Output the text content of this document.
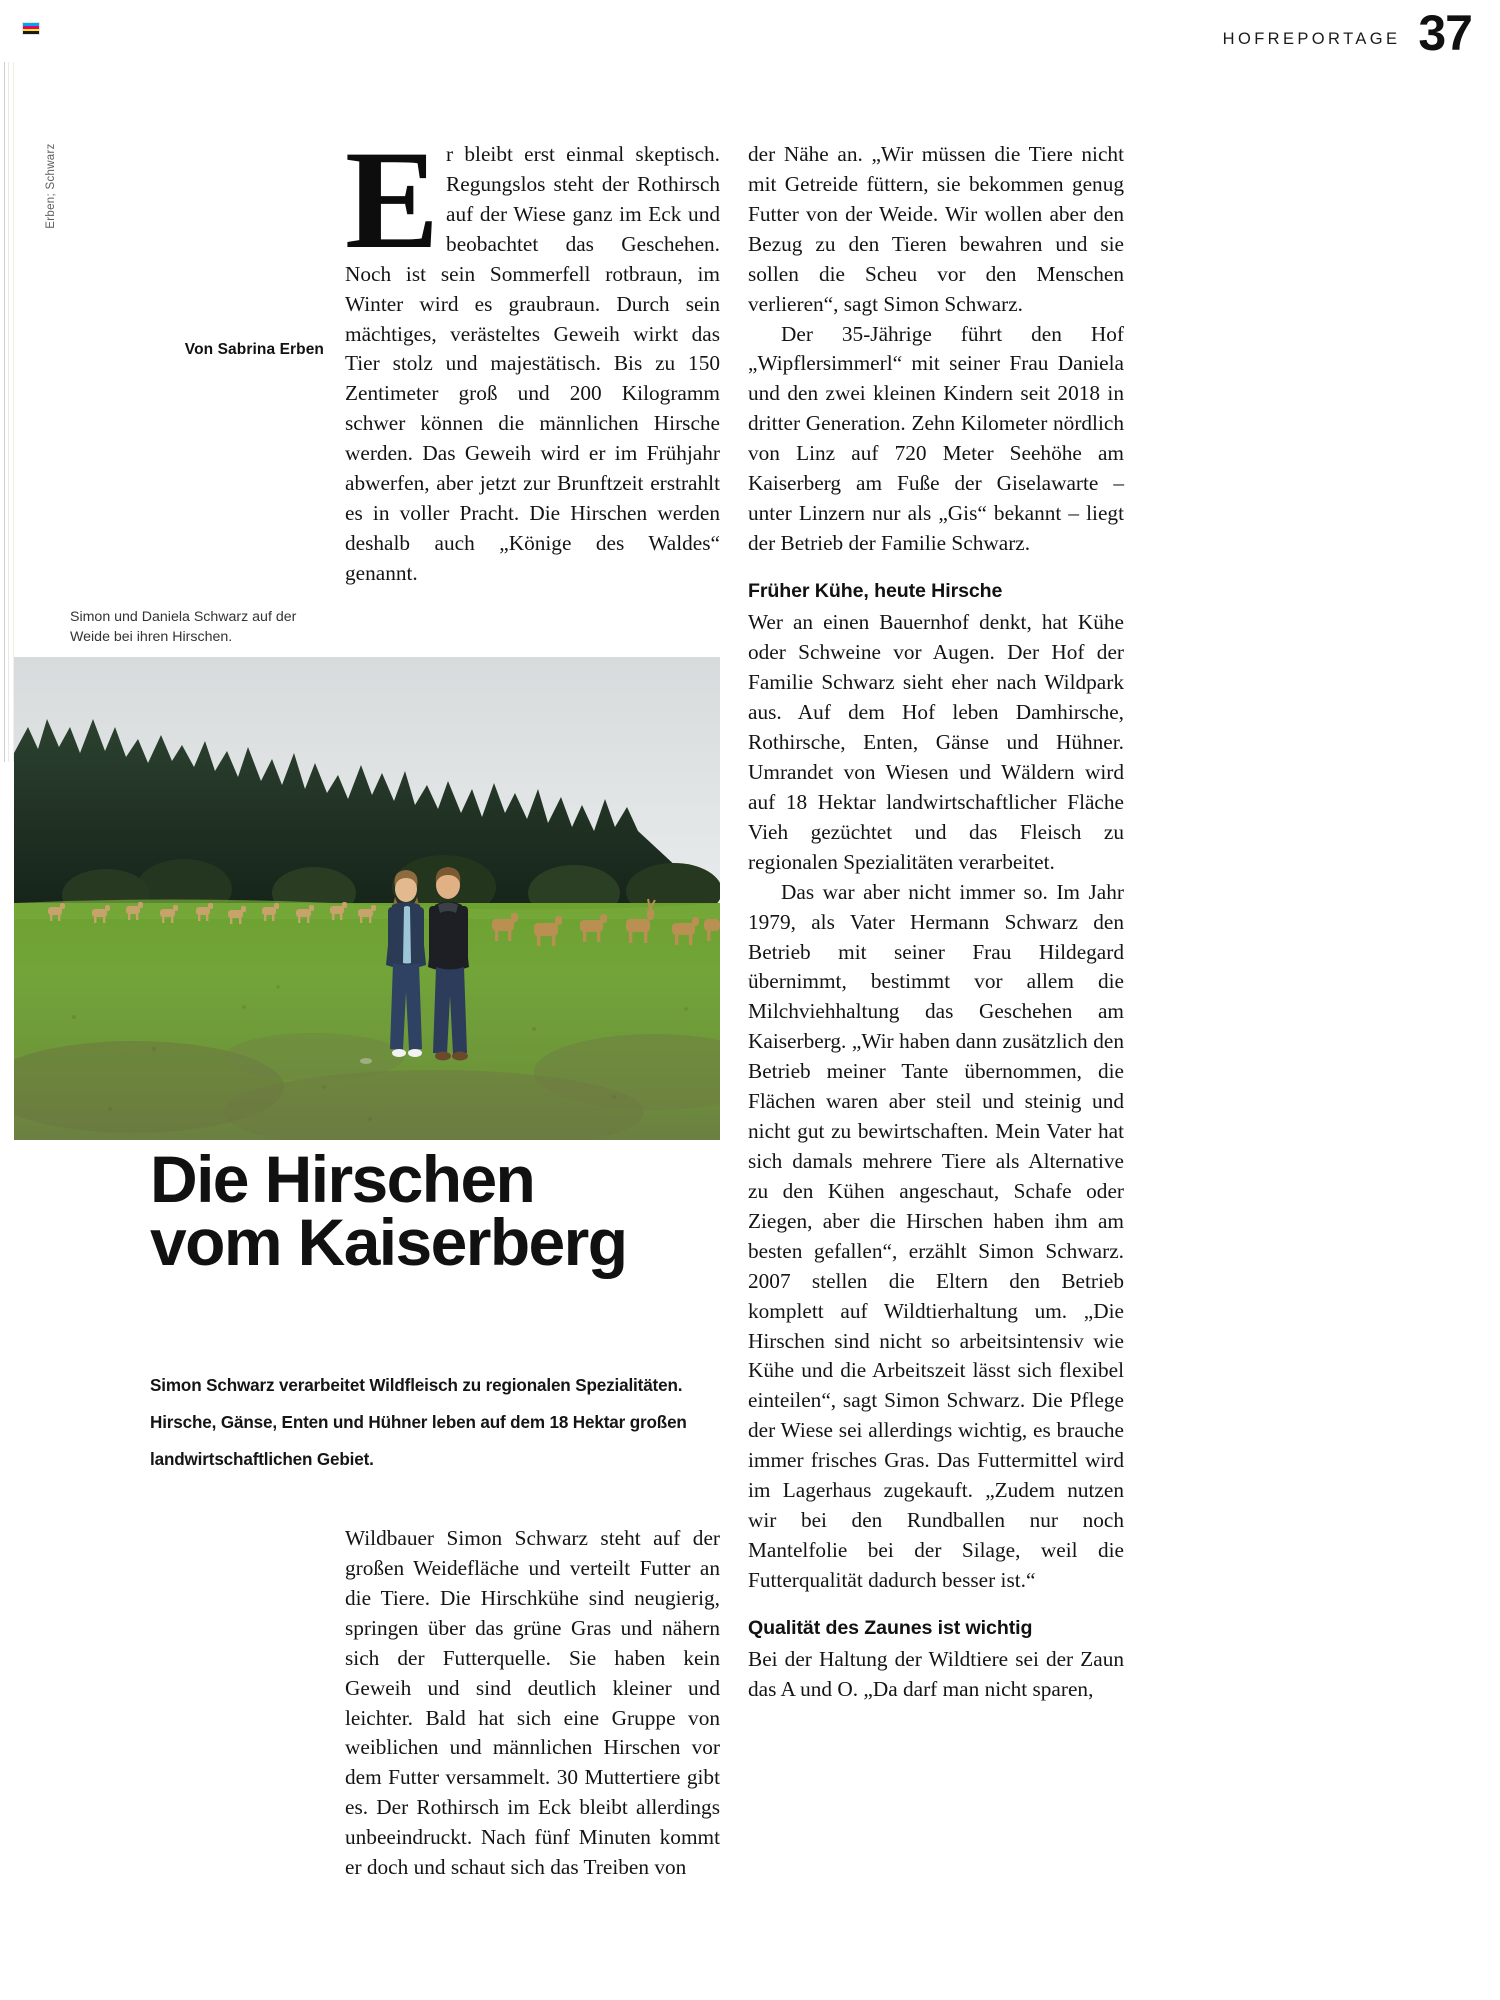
HOFREPORTAGE 37
Erben; Schwarz
Von Sabrina Erben
Simon und Daniela Schwarz auf der Weide bei ihren Hirschen.
Die Hirschen
vom Kaiserberg
Simon Schwarz verarbeitet Wildfleisch zu regionalen Spezialitäten. Hirsche, Gänse, Enten und Hühner leben auf dem 18 Hektar großen landwirtschaftlichen Gebiet.

Er bleibt erst einmal skeptisch. Regungslos steht der Rothirsch auf der Wiese ganz im Eck und beobachtet das Geschehen. Noch ist sein Sommerfell rotbraun, im Winter wird es graubraun. Durch sein mächtiges, verästeltes Geweih wirkt das Tier stolz und majestätisch. Bis zu 150 Zentimeter groß und 200 Kilogramm schwer können die männlichen Hirsche werden. Das Geweih wird er im Frühjahr abwerfen, aber jetzt zur Brunftzeit erstrahlt es in voller Pracht. Die Hirschen werden deshalb auch „Könige des Waldes“ genannt.

Wildbauer Simon Schwarz steht auf der großen Weidefläche und verteilt Futter an die Tiere. Die Hirschkühe sind neugierig, springen über das grüne Gras und nähern sich der Futterquelle. Sie haben kein Geweih und sind deutlich kleiner und leichter. Bald hat sich eine Gruppe von weiblichen und männlichen Hirschen vor dem Futter versammelt. 30 Muttertiere gibt es. Der Rothirsch im Eck bleibt allerdings unbeeindruckt. Nach fünf Minuten kommt er doch und schaut sich das Treiben von

der Nähe an. „Wir müssen die Tiere nicht mit Getreide füttern, sie bekommen genug Futter von der Weide. Wir wollen aber den Bezug zu den Tieren bewahren und sie sollen die Scheu vor den Menschen verlieren“, sagt Simon Schwarz.

Der 35-Jährige führt den Hof „Wipflersimmerl“ mit seiner Frau Daniela und den zwei kleinen Kindern seit 2018 in dritter Generation. Zehn Kilometer nördlich von Linz auf 720 Meter Seehöhe am Kaiserberg am Fuße der Giselawarte – unter Linzern nur als „Gis“ bekannt – liegt der Betrieb der Familie Schwarz.

Früher Kühe, heute Hirsche

Wer an einen Bauernhof denkt, hat Kühe oder Schweine vor Augen. Der Hof der Familie Schwarz sieht eher nach Wildpark aus. Auf dem Hof leben Damhirsche, Rothirsche, Enten, Gänse und Hühner. Umrandet von Wiesen und Wäldern wird auf 18 Hektar landwirtschaftlicher Fläche Vieh gezüchtet und das Fleisch zu regionalen Spezialitäten verarbeitet.

Das war aber nicht immer so. Im Jahr 1979, als Vater Hermann Schwarz den Betrieb mit seiner Frau Hildegard übernimmt, bestimmt vor allem die Milchviehhaltung das Geschehen am Kaiserberg. „Wir haben dann zusätzlich den Betrieb meiner Tante übernommen, die Flächen waren aber steil und steinig und nicht gut zu bewirtschaften. Mein Vater hat sich damals mehrere Tiere als Alternative zu den Kühen angeschaut, Schafe oder Ziegen, aber die Hirschen haben ihm am besten gefallen“, erzählt Simon Schwarz. 2007 stellen die Eltern den Betrieb komplett auf Wildtierhaltung um. „Die Hirschen sind nicht so arbeitsintensiv wie Kühe und die Arbeitszeit lässt sich flexibel einteilen“, sagt Simon Schwarz. Die Pflege der Wiese sei allerdings wichtig, es brauche immer frisches Gras. Das Futtermittel wird im Lagerhaus zugekauft. „Zudem nutzen wir bei den Rundballen nur noch Mantelfolie bei der Silage, weil die Futterqualität dadurch besser ist.“

Qualität des Zaunes ist wichtig

Bei der Haltung der Wildtiere sei der Zaun das A und O. „Da darf man nicht sparen,
